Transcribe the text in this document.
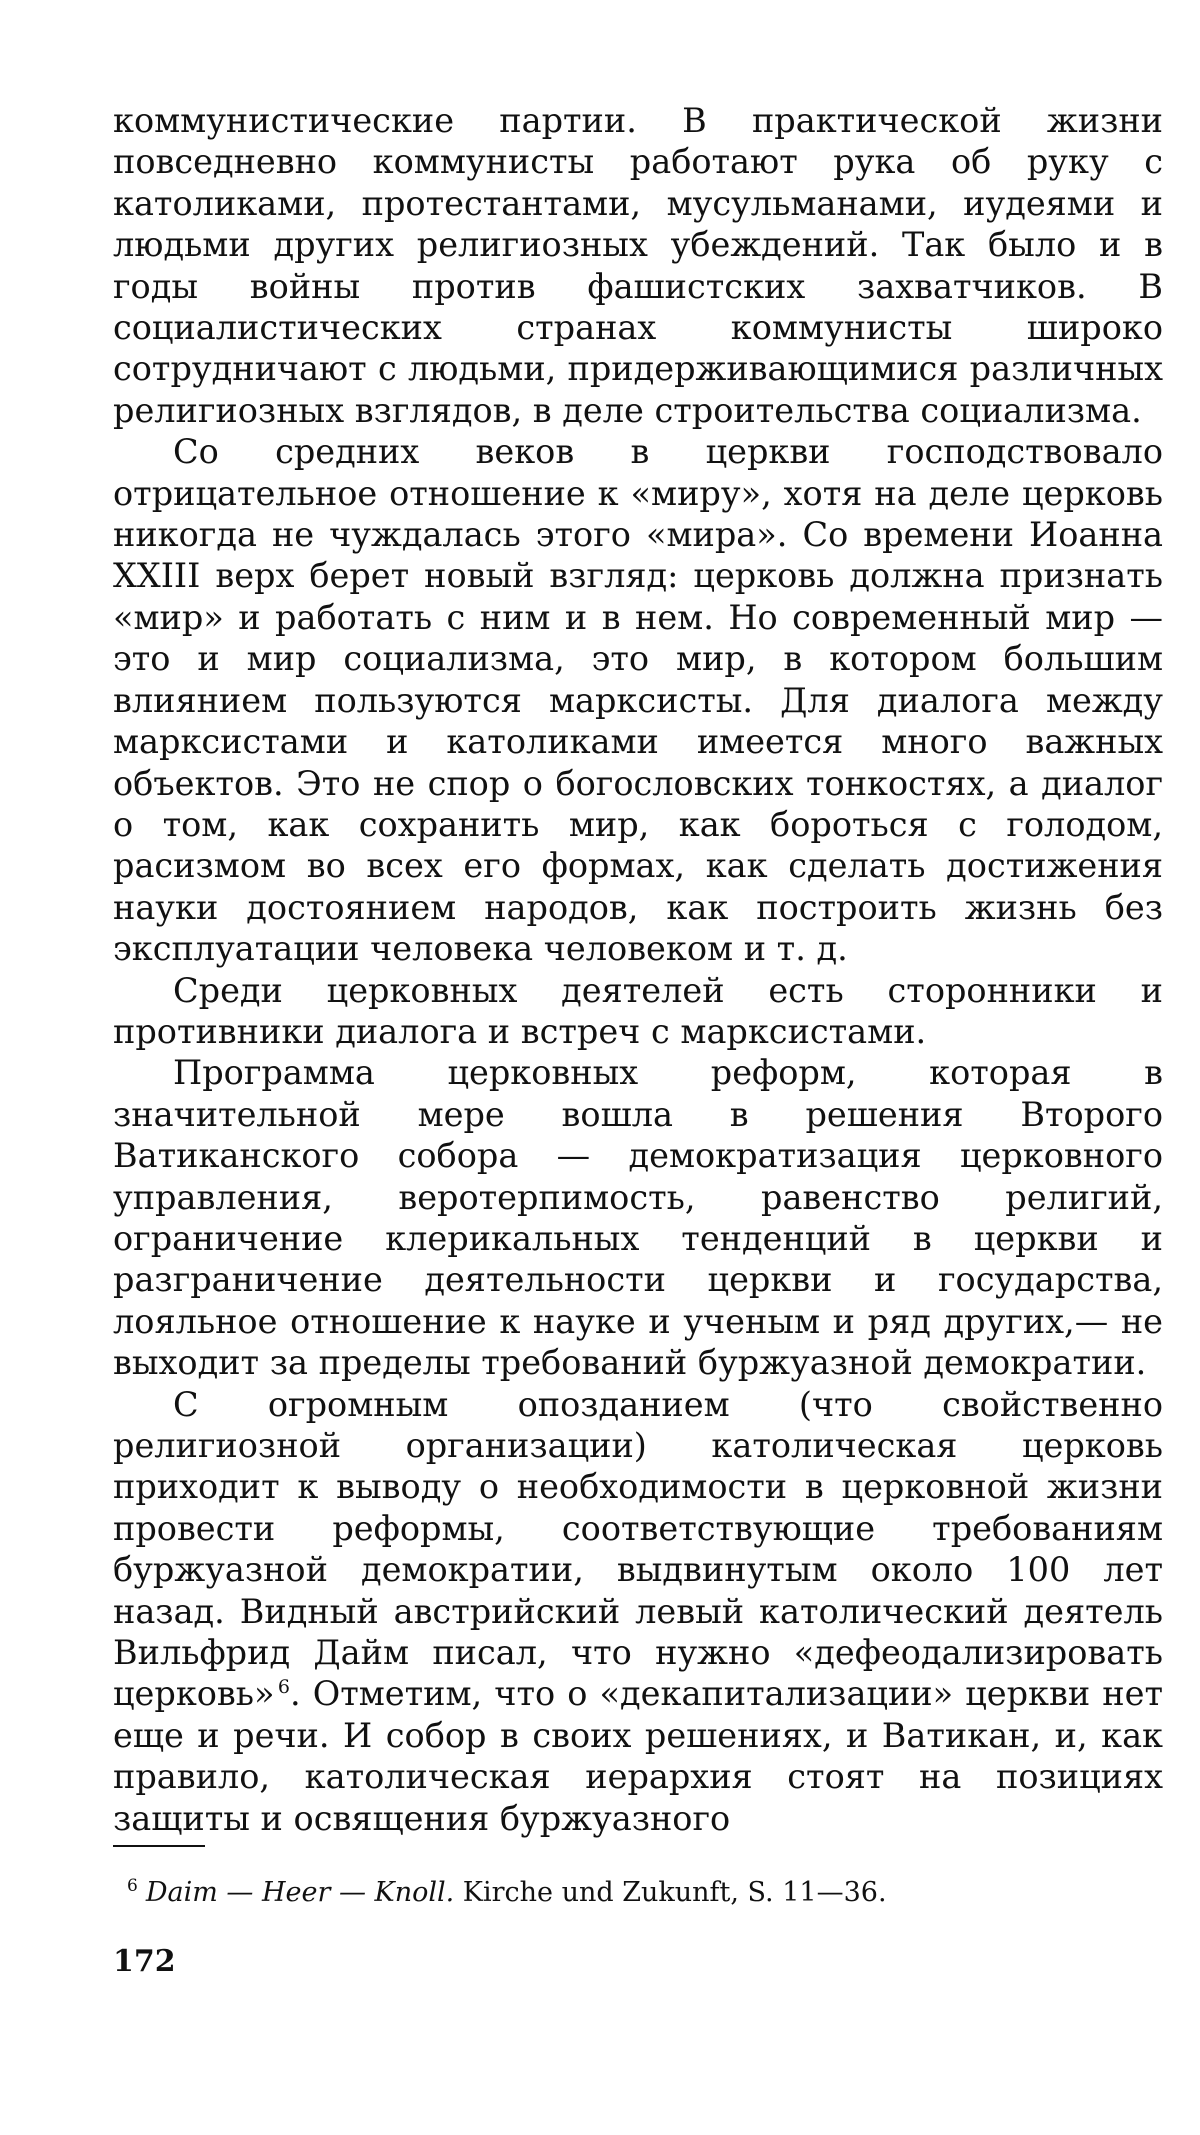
коммунистические партии. В практической жизни повседневно коммунисты работают рука об руку с католиками, протестантами, мусульманами, иудеями и людьми других религиозных убеждений. Так было и в годы войны против фашистских захватчиков. В социалистических странах коммунисты широко сотрудничают с людьми, придерживающимися различных религиозных взглядов, в деле строительства социализма.

Со средних веков в церкви господствовало отрицательное отношение к «миру», хотя на деле церковь никогда не чуждалась этого «мира». Со времени Иоанна XXIII верх берет новый взгляд: церковь должна признать «мир» и работать с ним и в нем. Но современный мир — это и мир социализма, это мир, в котором большим влиянием пользуются марксисты. Для диалога между марксистами и католиками имеется много важных объектов. Это не спор о богословских тонкостях, а диалог о том, как сохранить мир, как бороться с голодом, расизмом во всех его формах, как сделать достижения науки достоянием народов, как построить жизнь без эксплуатации человека человеком и т. д.

Среди церковных деятелей есть сторонники и противники диалога и встреч с марксистами.

Программа церковных реформ, которая в значительной мере вошла в решения Второго Ватиканского собора — демократизация церковного управления, веротерпимость, равенство религий, ограничение клерикальных тенденций в церкви и разграничение деятельности церкви и государства, лояльное отношение к науке и ученым и ряд других,— не выходит за пределы требований буржуазной демократии.

С огромным опозданием (что свойственно религиозной организации) католическая церковь приходит к выводу о необходимости в церковной жизни провести реформы, соответствующие требованиям буржуазной демократии, выдвинутым около 100 лет назад. Видный австрийский левый католический деятель Вильфрид Дайм писал, что нужно «дефеодализировать церковь»  $^6$. Отметим, что о «декапитализации» церкви нет еще и речи. И собор в своих решениях, и Ватикан, и, как правило, католическая иерархия стоят на позициях защиты и освящения буржуазного

$^6$ Daim — Heer — Knoll. Kirche und Zukunft, S. 11—36.

172
